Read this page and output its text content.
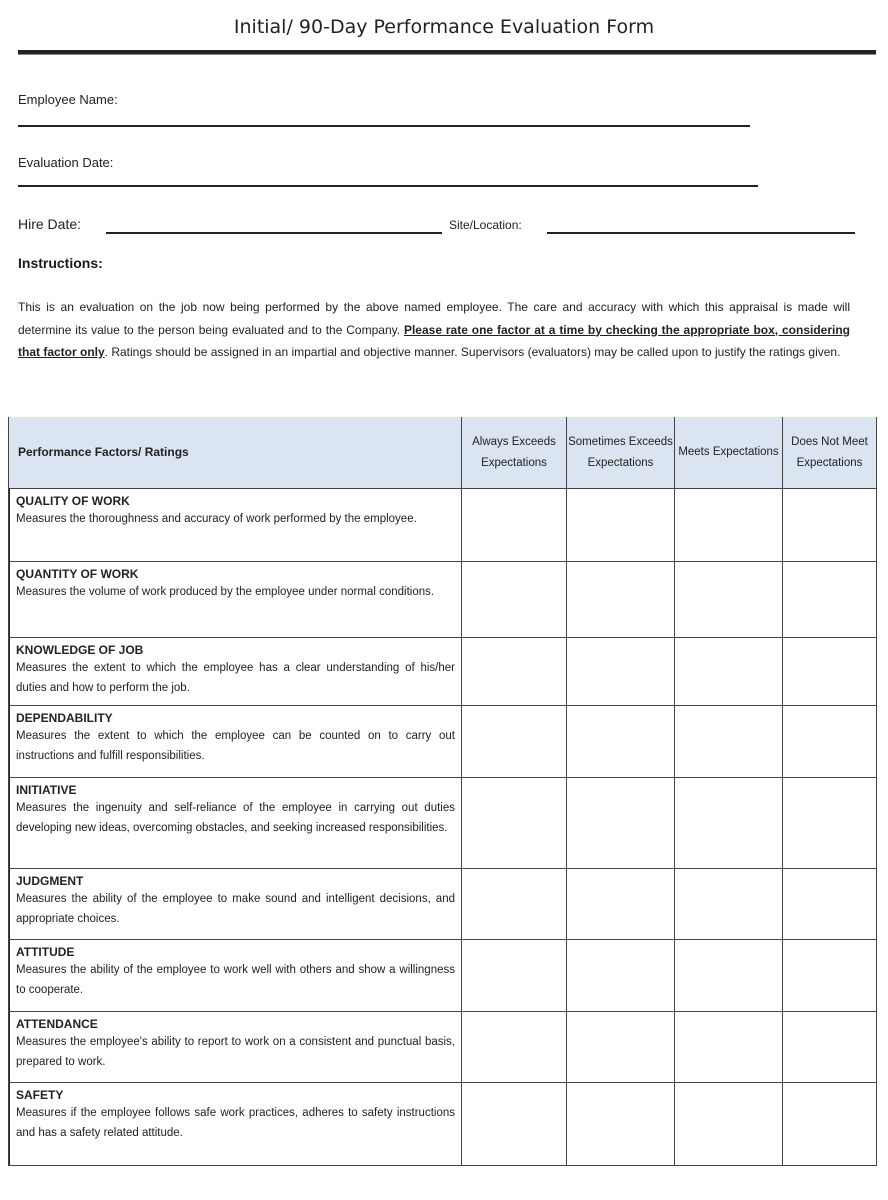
Initial/ 90-Day Performance Evaluation Form
Employee Name:
Evaluation Date:
Hire Date:	Site/Location:
Instructions:
This is an evaluation on the job now being performed by the above named employee. The care and accuracy with which this appraisal is made will determine its value to the person being evaluated and to the Company. Please rate one factor at a time by checking the appropriate box, considering that factor only. Ratings should be assigned in an impartial and objective manner. Supervisors (evaluators) may be called upon to justify the ratings given.
Performance Factors/ Ratings	Always Exceeds Expectations	Sometimes Exceeds Expectations	Meets Expectations	Does Not Meet Expectations

QUALITY OF WORK
Measures the thoroughness and accuracy of work performed by the employee.				

QUANTITY OF WORK
Measures the volume of work produced by the employee under normal conditions.				

KNOWLEDGE OF JOB
Measures the extent to which the employee has a clear understanding of his/her duties and how to perform the job.				

DEPENDABILITY
Measures the extent to which the employee can be counted on to carry out instructions and fulfill responsibilities.				

INITIATIVE
Measures the ingenuity and self-reliance of the employee in carrying out duties developing new ideas, overcoming obstacles, and seeking increased responsibilities.				

JUDGMENT
Measures the ability of the employee to make sound and intelligent decisions, and appropriate choices.				

ATTITUDE
Measures the ability of the employee to work well with others and show a willingness to cooperate.				

ATTENDANCE
Measures the employee's ability to report to work on a consistent and punctual basis, prepared to work.				

SAFETY
Measures if the employee follows safe work practices, adheres to safety instructions and has a safety related attitude.				
